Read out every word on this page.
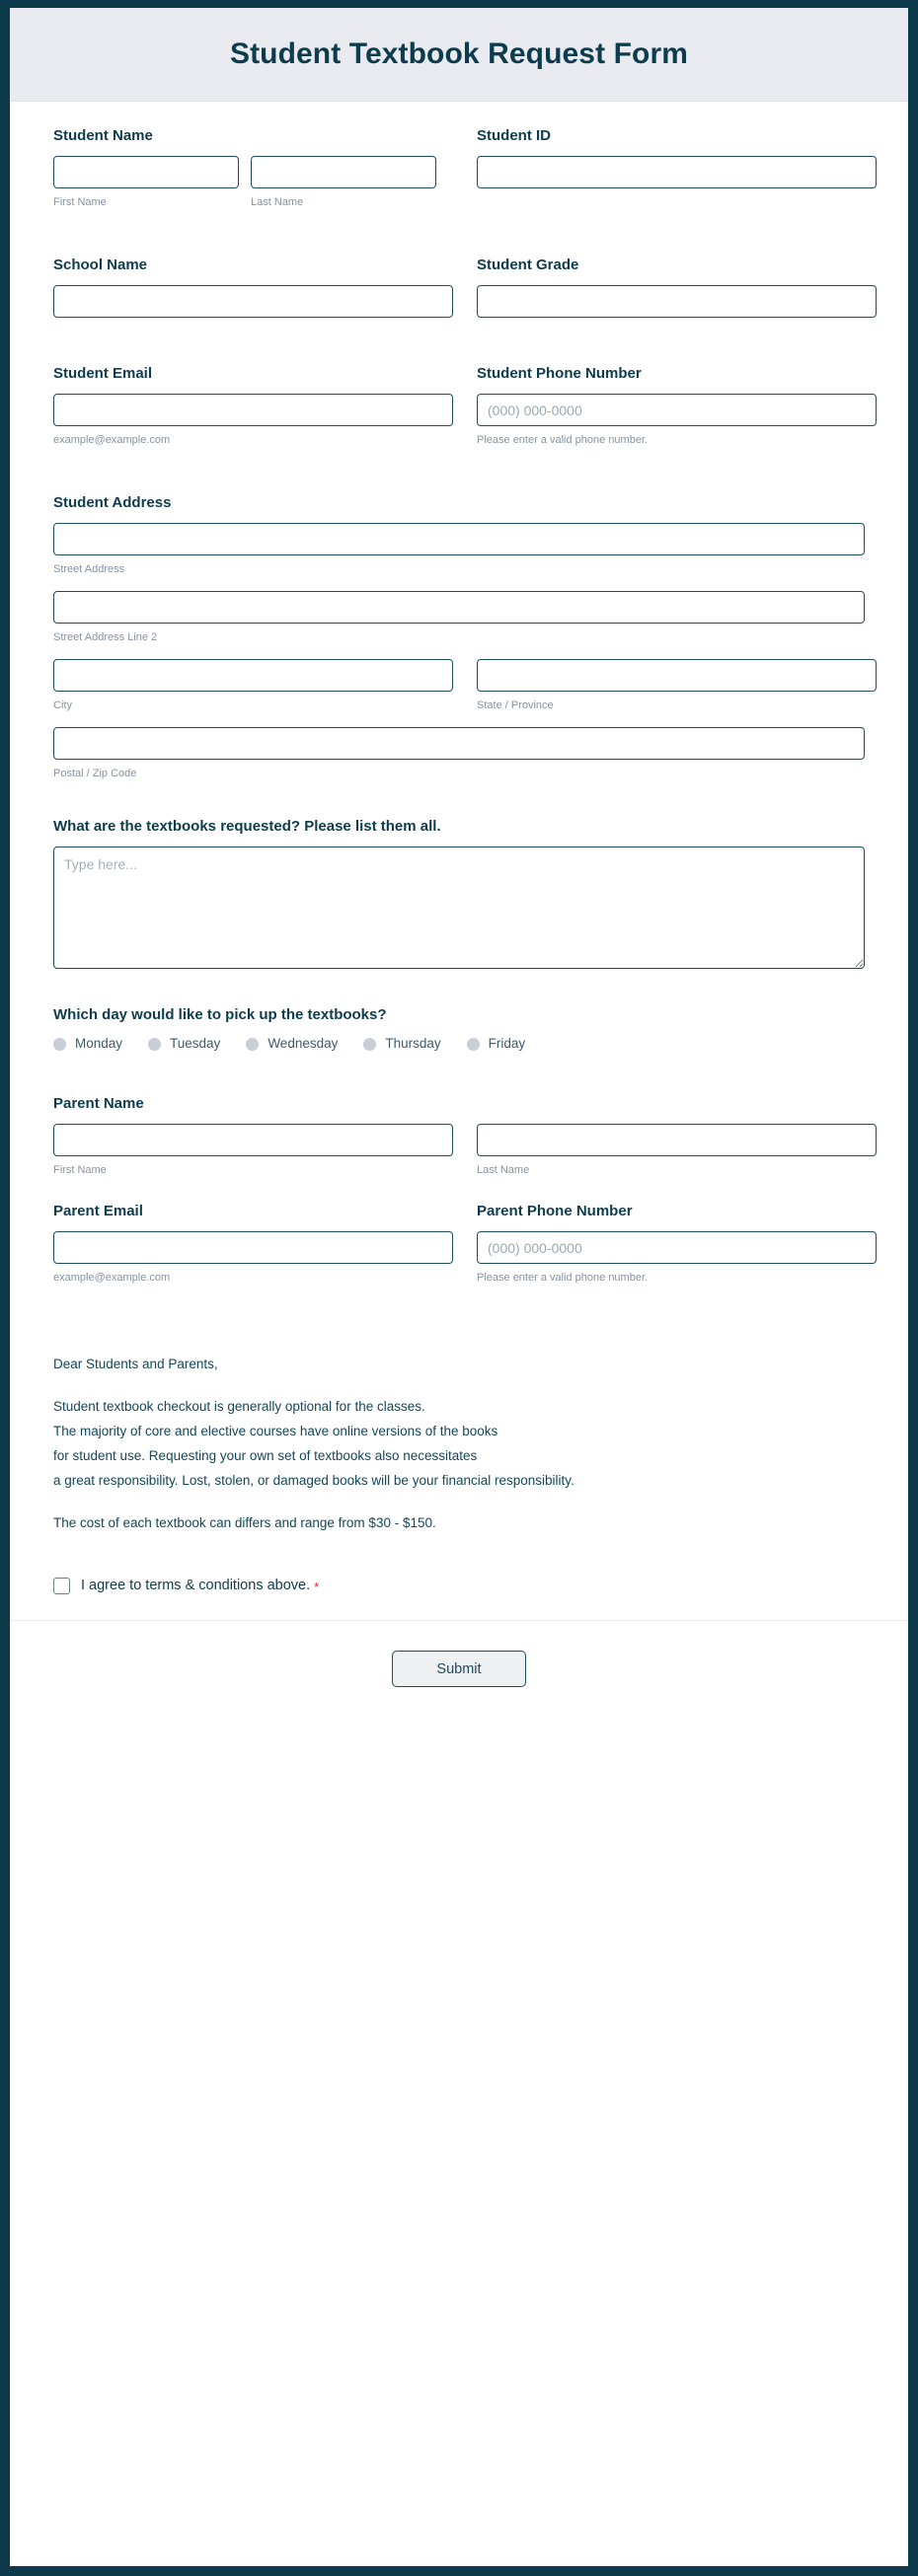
Student Textbook Request Form
Student Name
First Name	Last Name
Student ID
School Name	Student Grade
Student Email
example@example.com
Student Phone Number
(000) 000-0000
Please enter a valid phone number.
Student Address
Street Address
Street Address Line 2
City	State / Province
Postal / Zip Code
What are the textbooks requested? Please list them all.
Type here...
Which day would like to pick up the textbooks?
Monday	Tuesday	Wednesday	Thursday	Friday
Parent Name
First Name	Last Name
Parent Email
example@example.com
Parent Phone Number
(000) 000-0000
Please enter a valid phone number.

Dear Students and Parents,

Student textbook checkout is generally optional for the classes.
The majority of core and elective courses have online versions of the books
for student use. Requesting your own set of textbooks also necessitates
a great responsibility. Lost, stolen, or damaged books will be your financial responsibility.

The cost of each textbook can differs and range from $30 - $150.

I agree to terms & conditions above. *
Submit
